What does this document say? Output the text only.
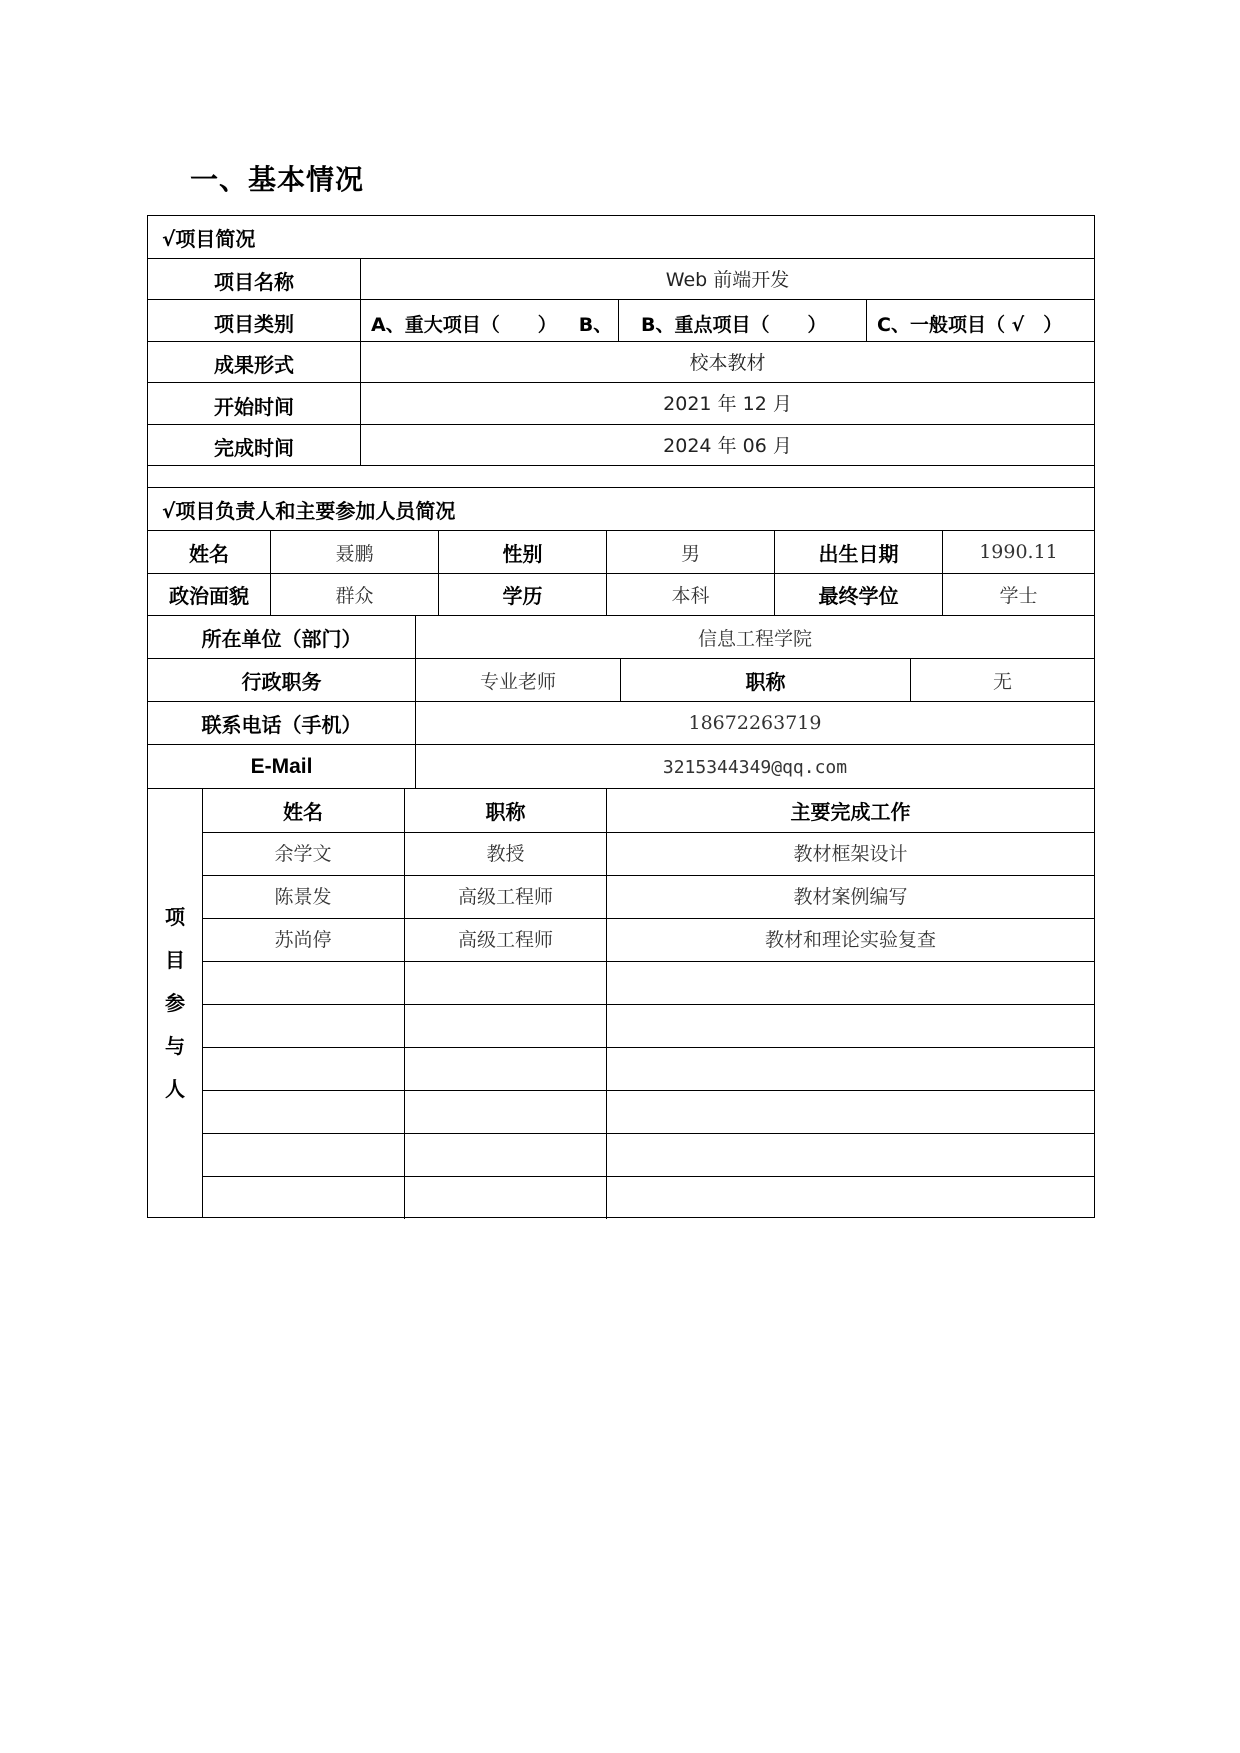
一、基本情况
√项目简况
项目名称	Web 前端开发
项目类别	A、重大项目（　　） B、	B、重点项目（　　）	C、一般项目（ √　）
成果形式	校本教材
开始时间	2021 年 12 月
完成时间	2024 年 06 月
√项目负责人和主要参加人员简况
姓名	聂鹏	性别	男	出生日期	1990.11
政治面貌	群众	学历	本科	最终学位	学士
所在单位（部门）	信息工程学院
行政职务	专业老师	职称	无
联系电话（手机）	18672263719
E-Mail	3215344349@qq.com
项
目
参
与
人
姓名	职称	主要完成工作
余学文	教授	教材框架设计
陈景发	高级工程师	教材案例编写
苏尚停	高级工程师	教材和理论实验复查
